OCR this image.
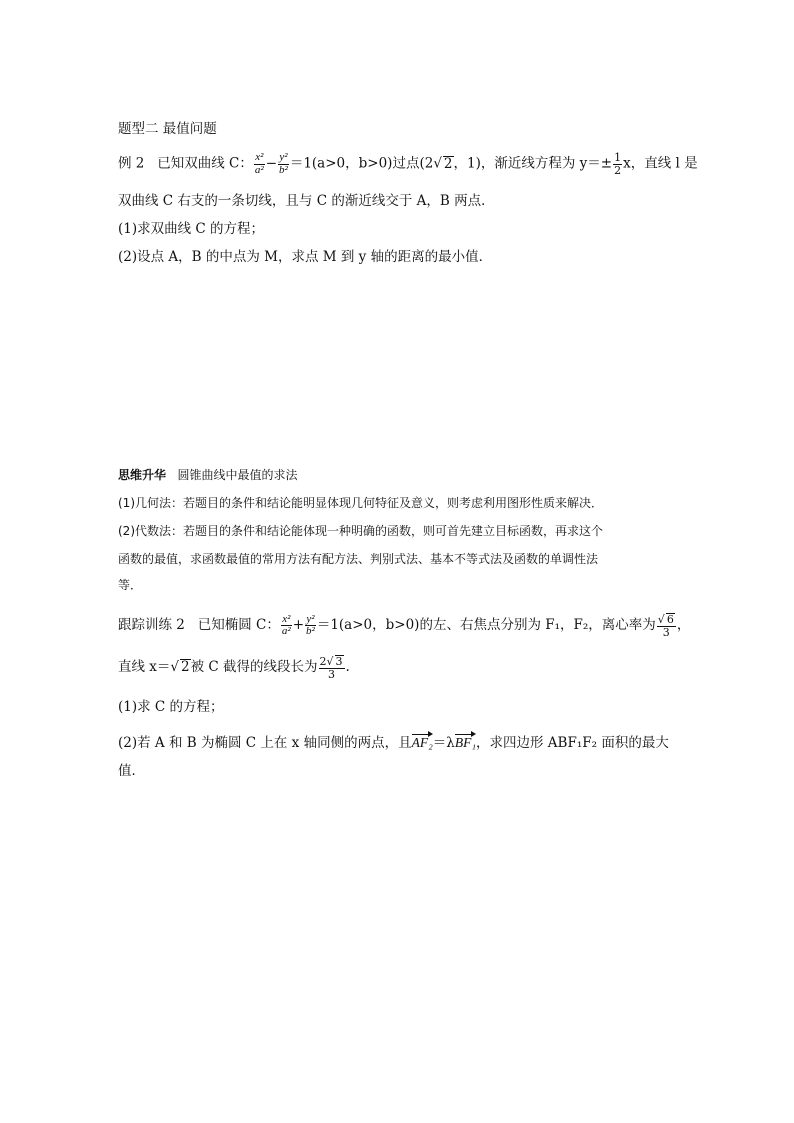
题型二 最值问题
例 2 已知双曲线 C： $\frac{\text{x²}}{\text{a²}} - \frac{\text{y²}}{\text{b²}} =1(a>0$，b>0)过点(2√ 2，1)，渐近线方程为 $y=\pm \frac{1}{2}$ x，直线 l 是
双曲线 C 右支的一条切线，且与 C 的渐近线交于 A，B 两点．
(1)求双曲线 C 的方程；
(2)设点 A，B 的中点为 M，求点 M 到 y 轴的距离的最小值．
思维升华 圆锥曲线中最值的求法
(1)几何法：若题目的条件和结论能明显体现几何特征及意义，则考虑利用图形性质来解决．
(2)代数法：若题目的条件和结论能体现一种明确的函数，则可首先建立目标函数，再求这个
函数的最值，求函数最值的常用方法有配方法、判别式法、基本不等式法及函数的单调性法
等．
跟踪训练 2 已知椭圆 C： $\frac{\text{x²}}{\text{a²}} + \frac{\text{y²}}{\text{b²}} =1(a>0$，b>0)的左、右焦点分别为 F₁，F₂，离心率为 $\frac{√ 6}{3}$ ，
直线 x＝√ 2被 C 截得的线段长为 $\frac{2√ 3}{3}$ .
(1)求 C 的方程；
(2)若 A 和 B 为椭圆 C 上在 x 轴同侧的两点，且AF₂＝λBF₁，求四边形 ABF₁F₂ 面积的最大
值．
